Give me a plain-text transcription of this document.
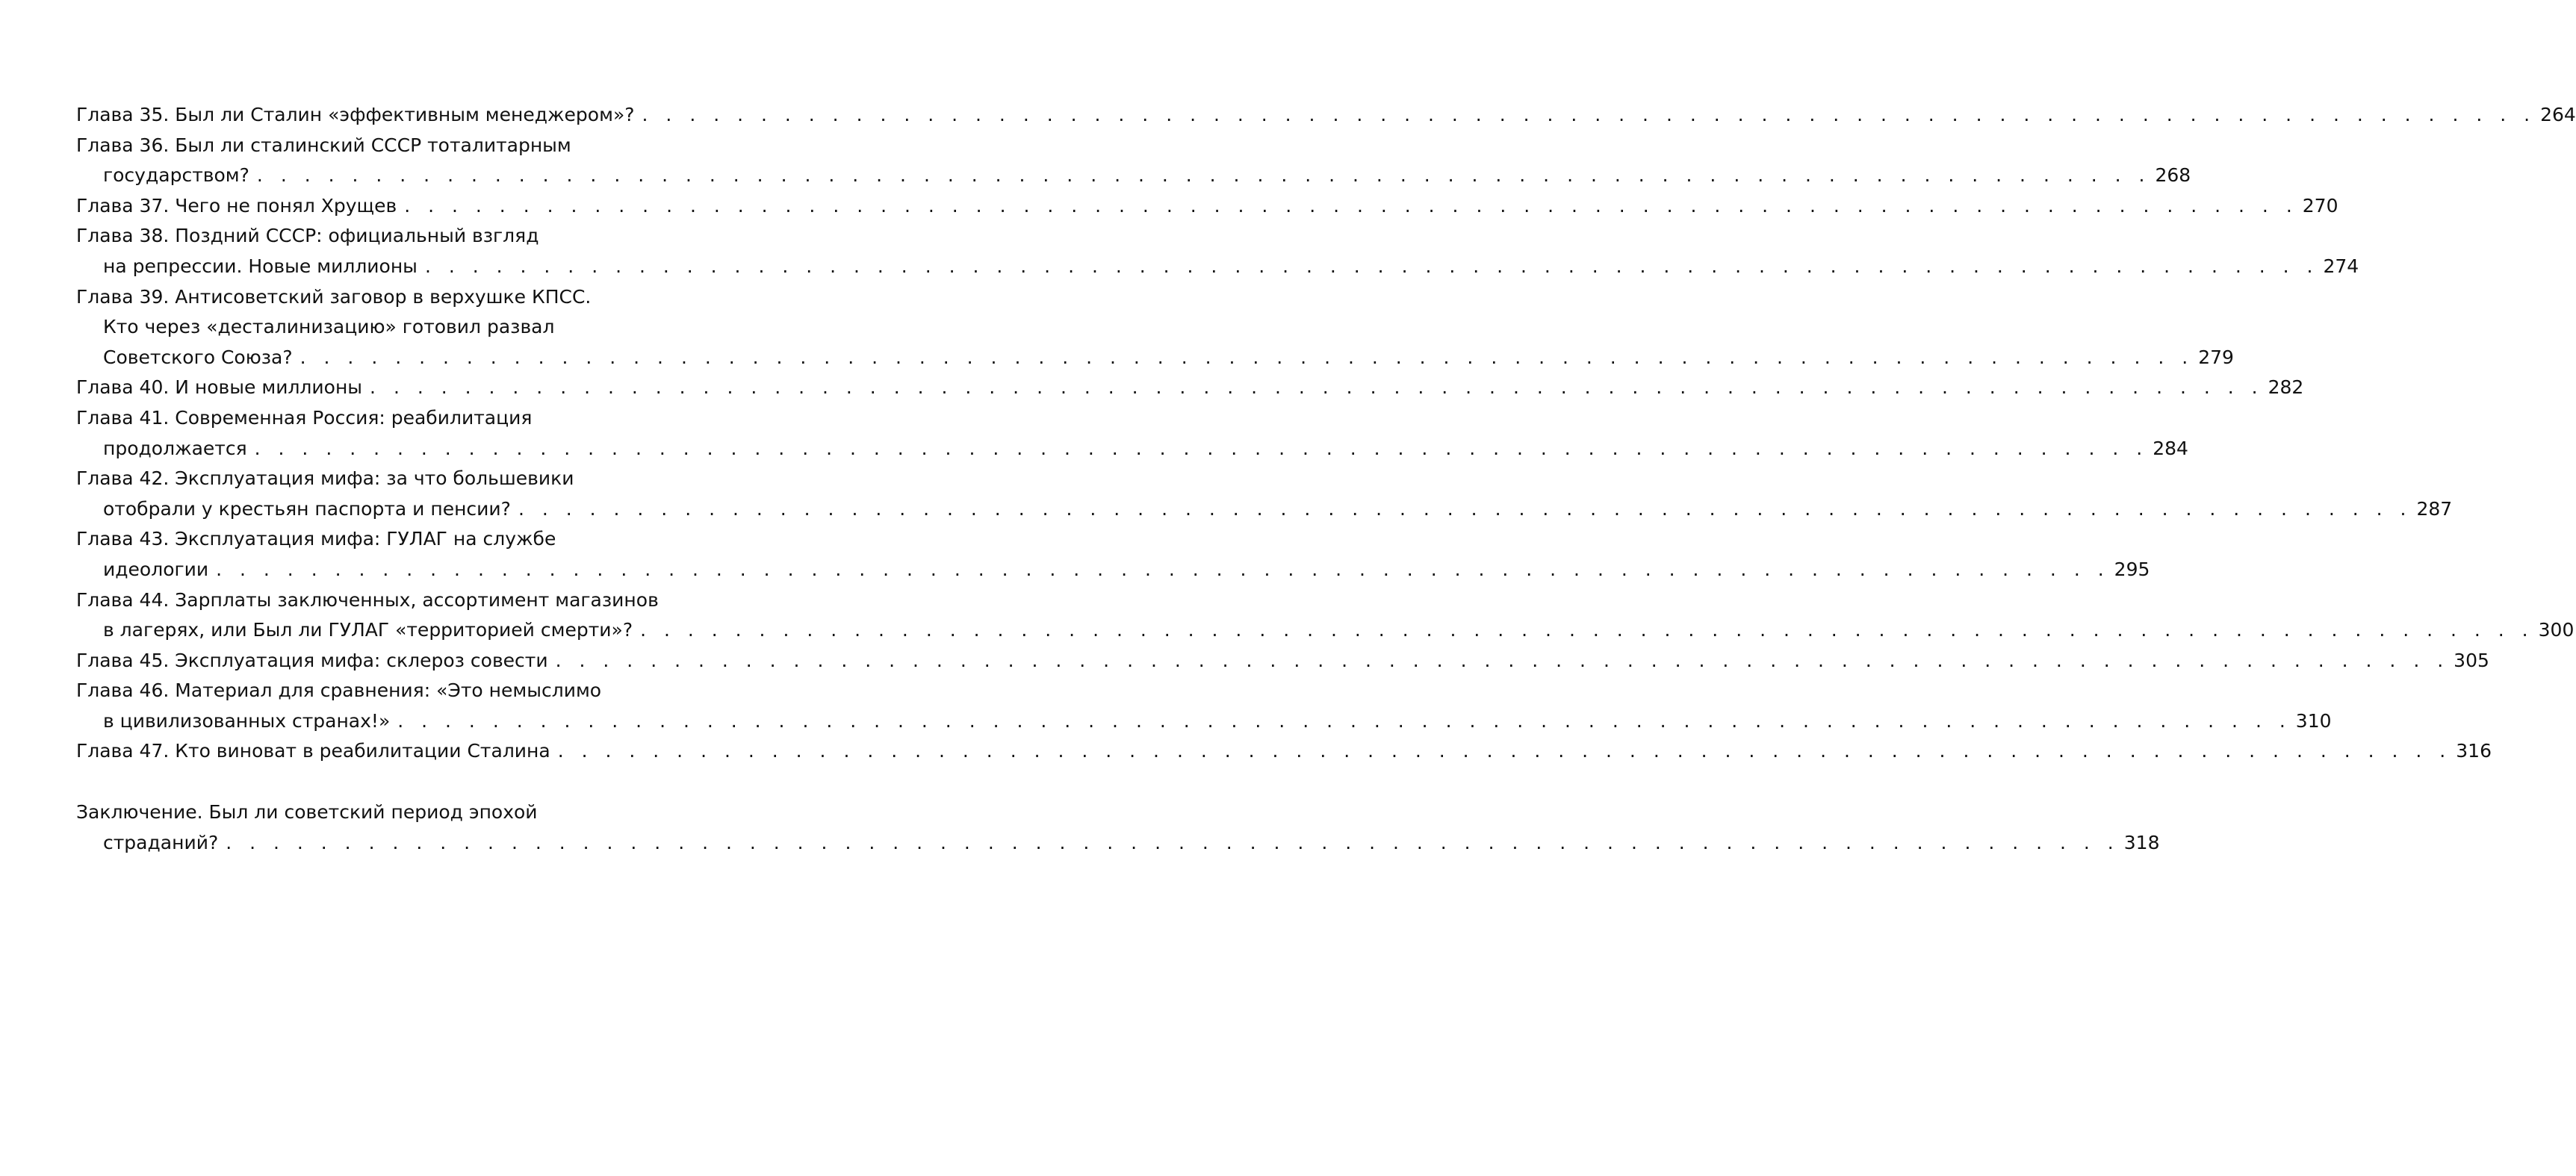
Глава 35. Был ли Сталин «эффективным менеджером»? . . . . . . . . . . . . . . . . . . . . . . . . . . . . . . . . . . . . . . . . . . . . . . . . . . . . . . . . . . . . . . . . . . . . . . . . . . . . . . . . 264
Глава 36. Был ли сталинский СССР тоталитарным
государством? . . . . . . . . . . . . . . . . . . . . . . . . . . . . . . . . . . . . . . . . . . . . . . . . . . . . . . . . . . . . . . . . . . . . . . . . . . . . . . . . 268
Глава 37. Чего не понял Хрущев . . . . . . . . . . . . . . . . . . . . . . . . . . . . . . . . . . . . . . . . . . . . . . . . . . . . . . . . . . . . . . . . . . . . . . . . . . . . . . . . 270
Глава 38. Поздний СССР: официальный взгляд
на репрессии. Новые миллионы . . . . . . . . . . . . . . . . . . . . . . . . . . . . . . . . . . . . . . . . . . . . . . . . . . . . . . . . . . . . . . . . . . . . . . . . . . . . . . . . 274
Глава 39. Антисоветский заговор в верхушке КПСС.
Кто через «десталинизацию» готовил развал
Советского Союза? . . . . . . . . . . . . . . . . . . . . . . . . . . . . . . . . . . . . . . . . . . . . . . . . . . . . . . . . . . . . . . . . . . . . . . . . . . . . . . . . 279
Глава 40. И новые миллионы . . . . . . . . . . . . . . . . . . . . . . . . . . . . . . . . . . . . . . . . . . . . . . . . . . . . . . . . . . . . . . . . . . . . . . . . . . . . . . . . 282
Глава 41. Современная Россия: реабилитация
продолжается . . . . . . . . . . . . . . . . . . . . . . . . . . . . . . . . . . . . . . . . . . . . . . . . . . . . . . . . . . . . . . . . . . . . . . . . . . . . . . . . 284
Глава 42. Эксплуатация мифа: за что большевики
отобрали у крестьян паспорта и пенсии? . . . . . . . . . . . . . . . . . . . . . . . . . . . . . . . . . . . . . . . . . . . . . . . . . . . . . . . . . . . . . . . . . . . . . . . . . . . . . . . . 287
Глава 43. Эксплуатация мифа: ГУЛАГ на службе
идеологии . . . . . . . . . . . . . . . . . . . . . . . . . . . . . . . . . . . . . . . . . . . . . . . . . . . . . . . . . . . . . . . . . . . . . . . . . . . . . . . . 295
Глава 44. Зарплаты заключенных, ассортимент магазинов
в лагерях, или Был ли ГУЛАГ «территорией смерти»? . . . . . . . . . . . . . . . . . . . . . . . . . . . . . . . . . . . . . . . . . . . . . . . . . . . . . . . . . . . . . . . . . . . . . . . . . . . . . . . . 300
Глава 45. Эксплуатация мифа: склероз совести . . . . . . . . . . . . . . . . . . . . . . . . . . . . . . . . . . . . . . . . . . . . . . . . . . . . . . . . . . . . . . . . . . . . . . . . . . . . . . . . 305
Глава 46. Материал для сравнения: «Это немыслимо
в цивилизованных странах!» . . . . . . . . . . . . . . . . . . . . . . . . . . . . . . . . . . . . . . . . . . . . . . . . . . . . . . . . . . . . . . . . . . . . . . . . . . . . . . . . 310
Глава 47. Кто виноват в реабилитации Сталина . . . . . . . . . . . . . . . . . . . . . . . . . . . . . . . . . . . . . . . . . . . . . . . . . . . . . . . . . . . . . . . . . . . . . . . . . . . . . . . . 316
Заключение. Был ли советский период эпохой
страданий? . . . . . . . . . . . . . . . . . . . . . . . . . . . . . . . . . . . . . . . . . . . . . . . . . . . . . . . . . . . . . . . . . . . . . . . . . . . . . . . . 318
